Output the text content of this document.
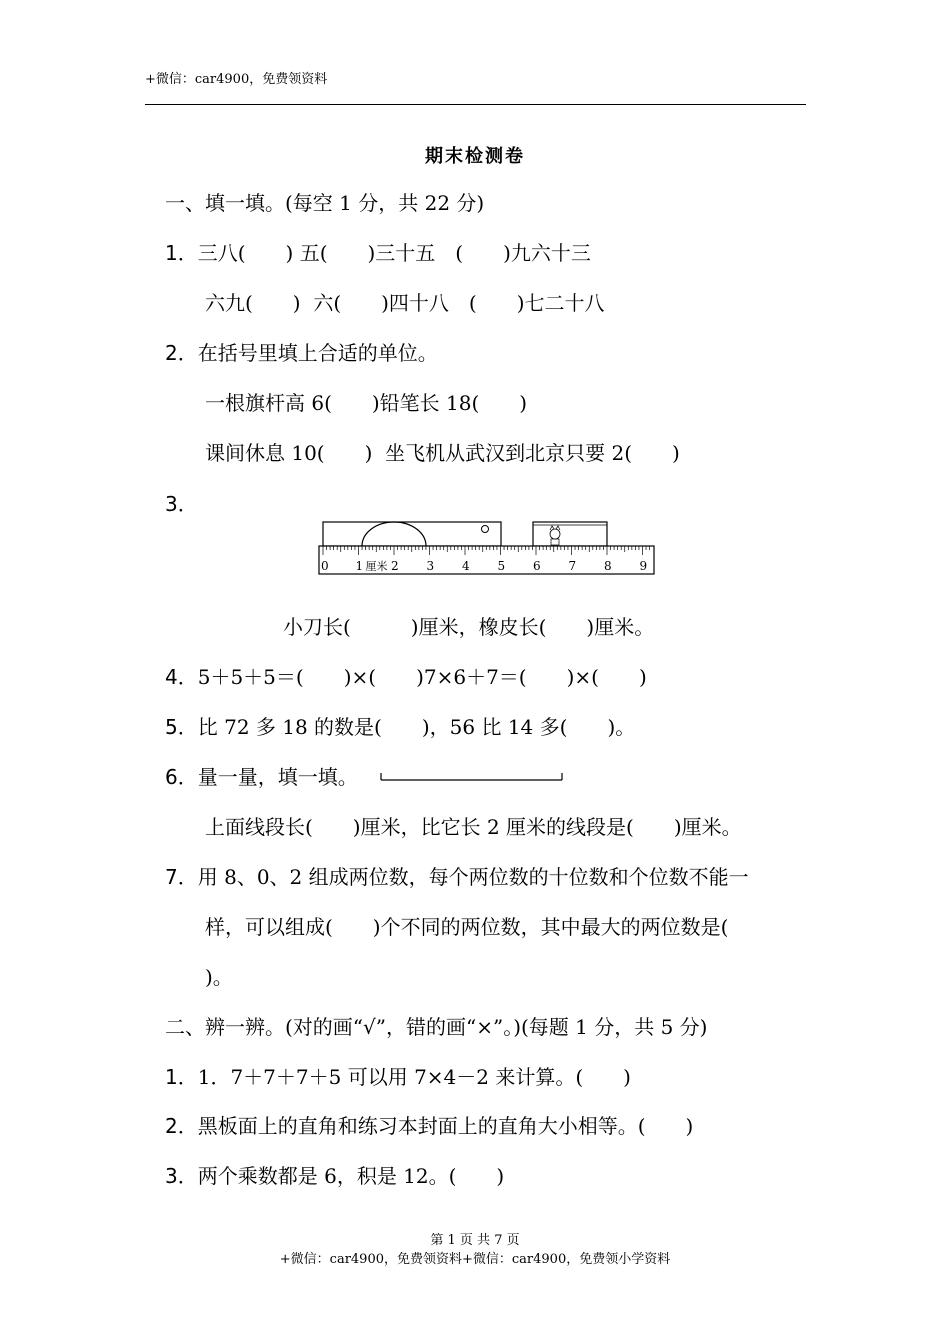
+微信：car4900，免费领资料
期末检测卷
一、填一填。(每空 1 分，共 22 分)
1．三八(　　) 五(　　)三十五　(　　)九六十三
六九(　　)  六(　　)四十八　(　　)七二十八
2．在括号里填上合适的单位。
一根旗杆高 6(　　)铅笔长 18(　　)
课间休息 10(　　)  坐飞机从武汉到北京只要 2(　　)
3．
0 1 2 3 4 5 6 7 8 9
厘米
小刀长(　　　)厘米，橡皮长(　　)厘米。
4．5＋5＋5＝(　　)×(　　)7×6＋7＝(　　)×(　　)
5．比 72 多 18 的数是(　　)，56 比 14 多(　　)。
6．量一量，填一填。
上面线段长(　　)厘米，比它长 2 厘米的线段是(　　)厘米。
7．用 8、0、2 组成两位数，每个两位数的十位数和个位数不能一
样，可以组成(　　)个不同的两位数，其中最大的两位数是(
)。
二、辨一辨。(对的画“√”，错的画“×”。)(每题 1 分，共 5 分)
1．1．7＋7＋7＋5 可以用 7×4－2 来计算。(　　)
2．黑板面上的直角和练习本封面上的直角大小相等。(　　)
3．两个乘数都是 6，积是 12。(　　)
第 1 页 共 7 页
+微信：car4900，免费领资料+微信：car4900，免费领小学资料
